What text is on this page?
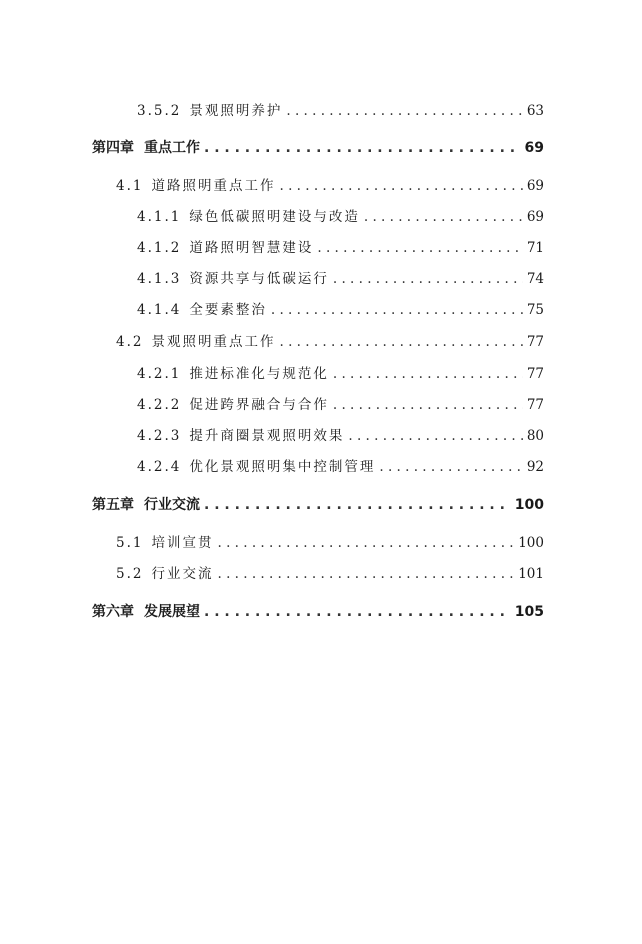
3.5.2 景观照明养护 . . .	63
第四章 重点工作 . . .	69
4.1 道路照明重点工作 . . .	69
4.1.1 绿色低碳照明建设与改造 . . .	69
4.1.2 道路照明智慧建设 . . .	71
4.1.3 资源共享与低碳运行 . . .	74
4.1.4 全要素整治 . . .	75
4.2 景观照明重点工作 . . .	77
4.2.1 推进标准化与规范化 . . .	77
4.2.2 促进跨界融合与合作 . . .	77
4.2.3 提升商圈景观照明效果 . . .	80
4.2.4 优化景观照明集中控制管理 . . .	92
第五章 行业交流 . . .	100
5.1 培训宣贯 . . .	100
5.2 行业交流 . . .	101
第六章 发展展望 . . .	105
